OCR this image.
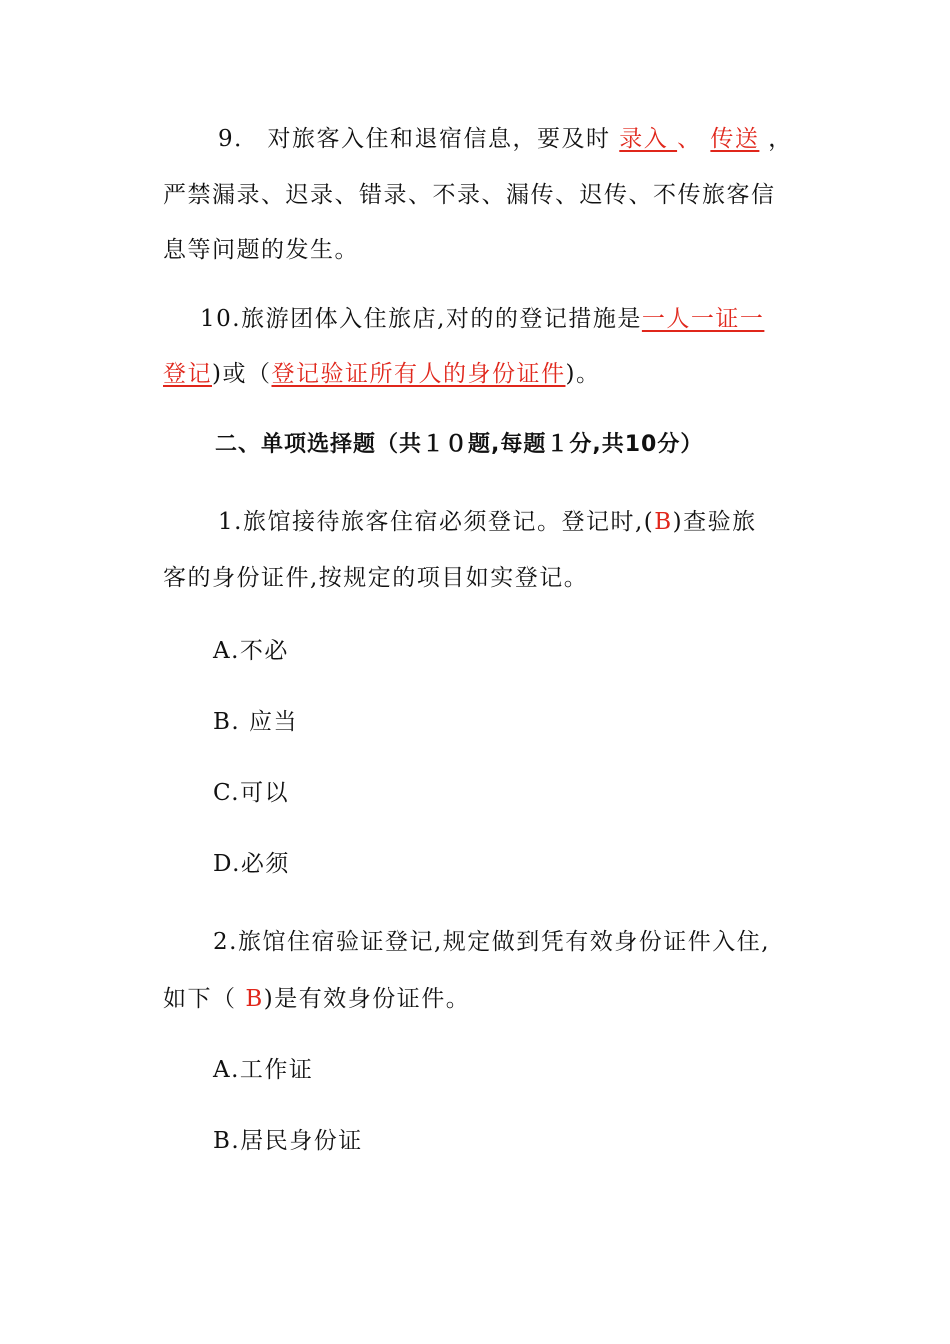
9． 对旅客入住和退宿信息，要及时 录入 、 传送 ，
严禁漏录、迟录、错录、不录、漏传、迟传、不传旅客信
息等问题的发生。
10.旅游团体入住旅店,对的的登记措施是一人一证一
登记)或（登记验证所有人的身份证件)。
二、单项选择题（共１０题,每题１分,共10分）
1.旅馆接待旅客住宿必须登记。登记时,(B)查验旅
客的身份证件,按规定的项目如实登记。
A.不必
B. 应当
C.可以
D.必须
2.旅馆住宿验证登记,规定做到凭有效身份证件入住,
如下（ B)是有效身份证件。
A.工作证
B.居民身份证
